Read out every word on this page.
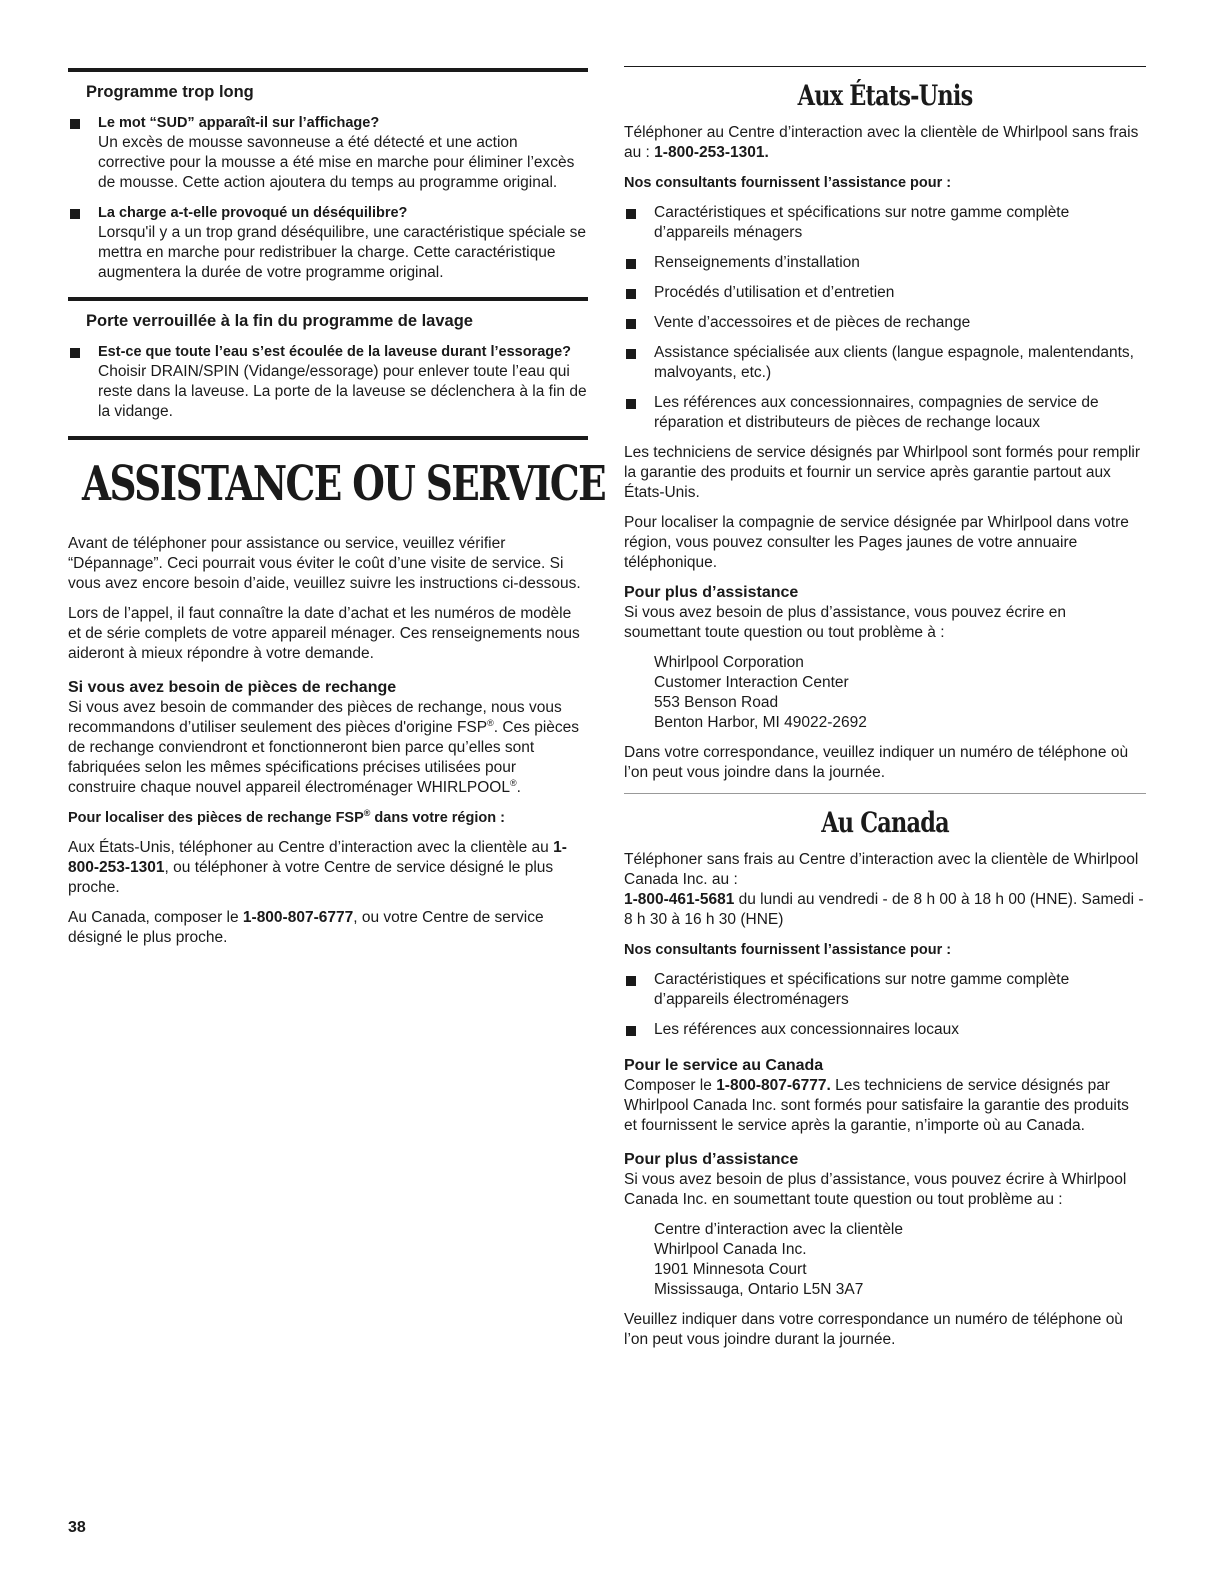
Programme trop long
Le mot “SUD” apparaît-il sur l’affichage?
Un excès de mousse savonneuse a été détecté et une action corrective pour la mousse a été mise en marche pour éliminer l’excès de mousse. Cette action ajoutera du temps au programme original.
La charge a-t-elle provoqué un déséquilibre?
Lorsqu'il y a un trop grand déséquilibre, une caractéristique spéciale se mettra en marche pour redistribuer la charge. Cette caractéristique augmentera la durée de votre programme original.
Porte verrouillée à la fin du programme de lavage
Est-ce que toute l’eau s’est écoulée de la laveuse durant l’essorage?
Choisir DRAIN/SPIN (Vidange/essorage) pour enlever toute l’eau qui reste dans la laveuse. La porte de la laveuse se déclenchera à la fin de la vidange.
ASSISTANCE OU SERVICE

Avant de téléphoner pour assistance ou service, veuillez vérifier “Dépannage”. Ceci pourrait vous éviter le coût d’une visite de service. Si vous avez encore besoin d’aide, veuillez suivre les instructions ci-dessous.

Lors de l’appel, il faut connaître la date d’achat et les numéros de modèle et de série complets de votre appareil ménager. Ces renseignements nous aideront à mieux répondre à votre demande.

Si vous avez besoin de pièces de rechange

Si vous avez besoin de commander des pièces de rechange, nous vous recommandons d’utiliser seulement des pièces d'origine FSP®. Ces pièces de rechange conviendront et fonctionneront bien parce qu’elles sont fabriquées selon les mêmes spécifications précises utilisées pour construire chaque nouvel appareil électroménager WHIRLPOOL®.

Pour localiser des pièces de rechange FSP® dans votre région :

Aux États-Unis, téléphoner au Centre d’interaction avec la clientèle au 1-800-253-1301, ou téléphoner à votre Centre de service désigné le plus proche.

Au Canada, composer le 1-800-807-6777, ou votre Centre de service désigné le plus proche.

Aux États-Unis

Téléphoner au Centre d’interaction avec la clientèle de Whirlpool sans frais au : 1-800-253-1301.

Nos consultants fournissent l’assistance pour :

Caractéristiques et spécifications sur notre gamme complète d’appareils ménagers
Renseignements d’installation
Procédés d’utilisation et d’entretien
Vente d’accessoires et de pièces de rechange
Assistance spécialisée aux clients (langue espagnole, malentendants, malvoyants, etc.)
Les références aux concessionnaires, compagnies de service de réparation et distributeurs de pièces de rechange locaux

Les techniciens de service désignés par Whirlpool sont formés pour remplir la garantie des produits et fournir un service après garantie partout aux États-Unis.

Pour localiser la compagnie de service désignée par Whirlpool dans votre région, vous pouvez consulter les Pages jaunes de votre annuaire téléphonique.

Pour plus d’assistance

Si vous avez besoin de plus d’assistance, vous pouvez écrire en soumettant toute question ou tout problème à :

Whirlpool Corporation
Customer Interaction Center
553 Benson Road
Benton Harbor, MI 49022-2692

Dans votre correspondance, veuillez indiquer un numéro de téléphone où l’on peut vous joindre dans la journée.

Au Canada

Téléphoner sans frais au Centre d’interaction avec la clientèle de Whirlpool Canada Inc. au :
1-800-461-5681 du lundi au vendredi - de 8 h 00 à 18 h 00 (HNE). Samedi - 8 h 30 à 16 h 30 (HNE)

Nos consultants fournissent l’assistance pour :

Caractéristiques et spécifications sur notre gamme complète d’appareils électroménagers
Les références aux concessionnaires locaux
Pour le service au Canada

Composer le 1-800-807-6777. Les techniciens de service désignés par Whirlpool Canada Inc. sont formés pour satisfaire la garantie des produits et fournissent le service après la garantie, n’importe où au Canada.

Pour plus d’assistance

Si vous avez besoin de plus d’assistance, vous pouvez écrire à Whirlpool Canada Inc. en soumettant toute question ou tout problème au :

Centre d’interaction avec la clientèle
Whirlpool Canada Inc.
1901 Minnesota Court
Mississauga, Ontario L5N 3A7

Veuillez indiquer dans votre correspondance un numéro de téléphone où l’on peut vous joindre durant la journée.

38
